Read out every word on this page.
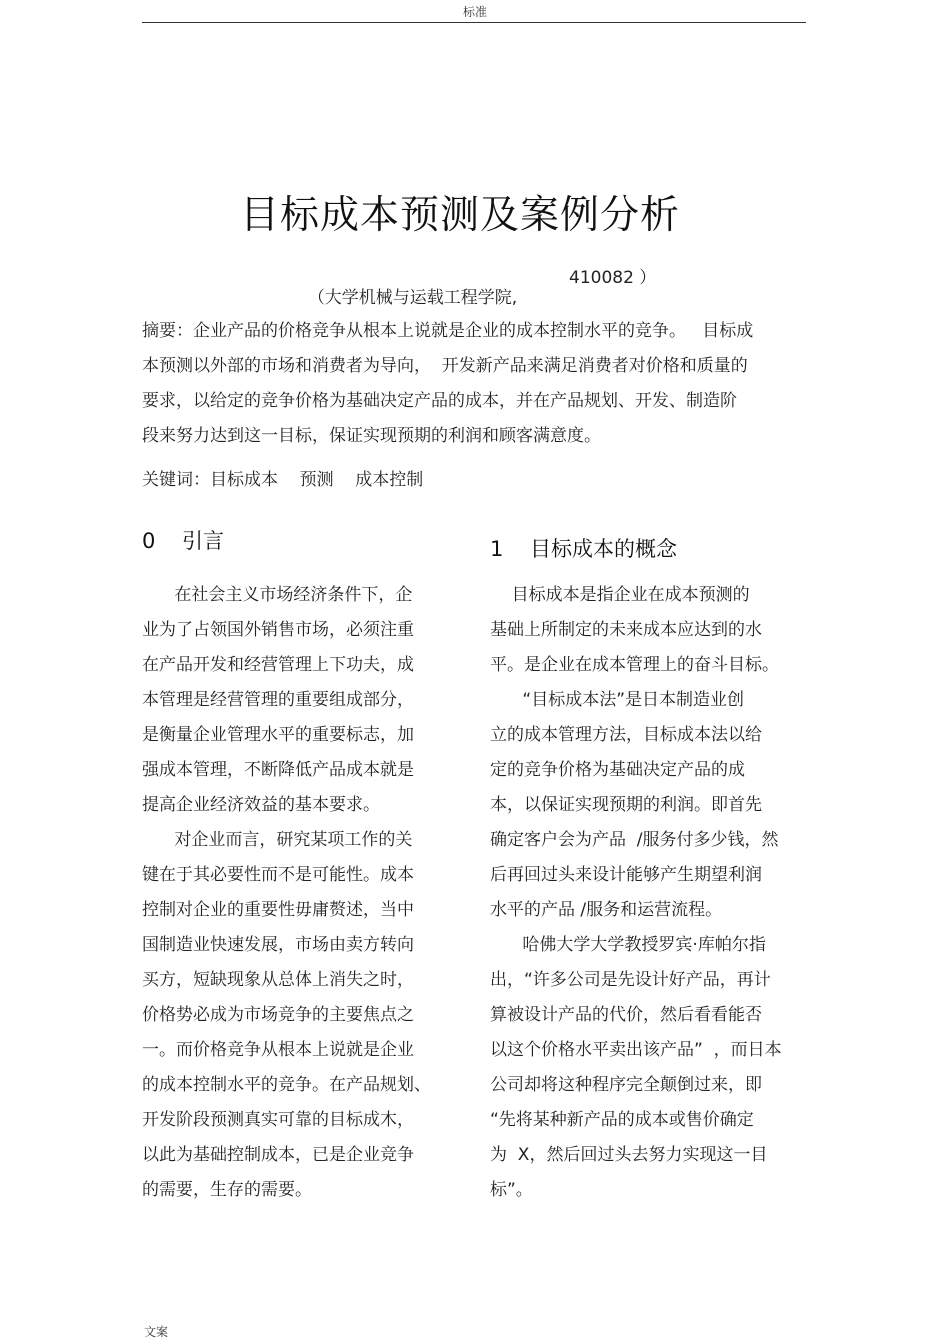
标准
目标成本预测及案例分析

（大学机械与运载工程学院,

410082 ）

摘要：企业产品的价格竞争从根本上说就是企业的成本控制水平的竞争。   目标成
本预测以外部的市场和消费者为导向，  开发新产品来满足消费者对价格和质量的
要求，以给定的竞争价格为基础决定产品的成本，并在产品规划、开发、制造阶
段来努力达到这一目标，保证实现预期的利润和顾客满意度。
关键词：目标成本    预测    成本控制
0    引言	1    目标成本的概念
在社会主义市场经济条件下，企
业为了占领国外销售市场，必须注重
在产品开发和经营管理上下功夫，成
本管理是经营管理的重要组成部分，
是衡量企业管理水平的重要标志，加
强成本管理，不断降低产品成本就是
提高企业经济效益的基本要求。
对企业而言，研究某项工作的关
键在于其必要性而不是可能性。成本
控制对企业的重要性毋庸赘述，当中
国制造业快速发展，市场由卖方转向
买方，短缺现象从总体上消失之时，
价格势必成为市场竞争的主要焦点之
一。而价格竞争从根本上说就是企业
的成本控制水平的竞争。在产品规划、
开发阶段预测真实可靠的目标成木，
以此为基础控制成本，已是企业竞争
的需要，生存的需要。
目标成本是指企业在成本预测的
基础上所制定的未来成本应达到的水
平。是企业在成本管理上的奋斗目标。
“目标成本法”是日本制造业创
立的成本管理方法，目标成本法以给
定的竞争价格为基础决定产品的成
本，以保证实现预期的利润。即首先
确定客户会为产品  /服务付多少钱，然
后再回过头来设计能够产生期望利润
水平的产品 /服务和运营流程。
哈佛大学大学教授罗宾·库帕尔指
出，“许多公司是先设计好产品，再计
算被设计产品的代价，然后看看能否
以这个价格水平卖出该产品”  ，而日本
公司却将这种程序完全颠倒过来，即
“先将某种新产品的成本或售价确定
为  X，然后回过头去努力实现这一目
标”。
文案
